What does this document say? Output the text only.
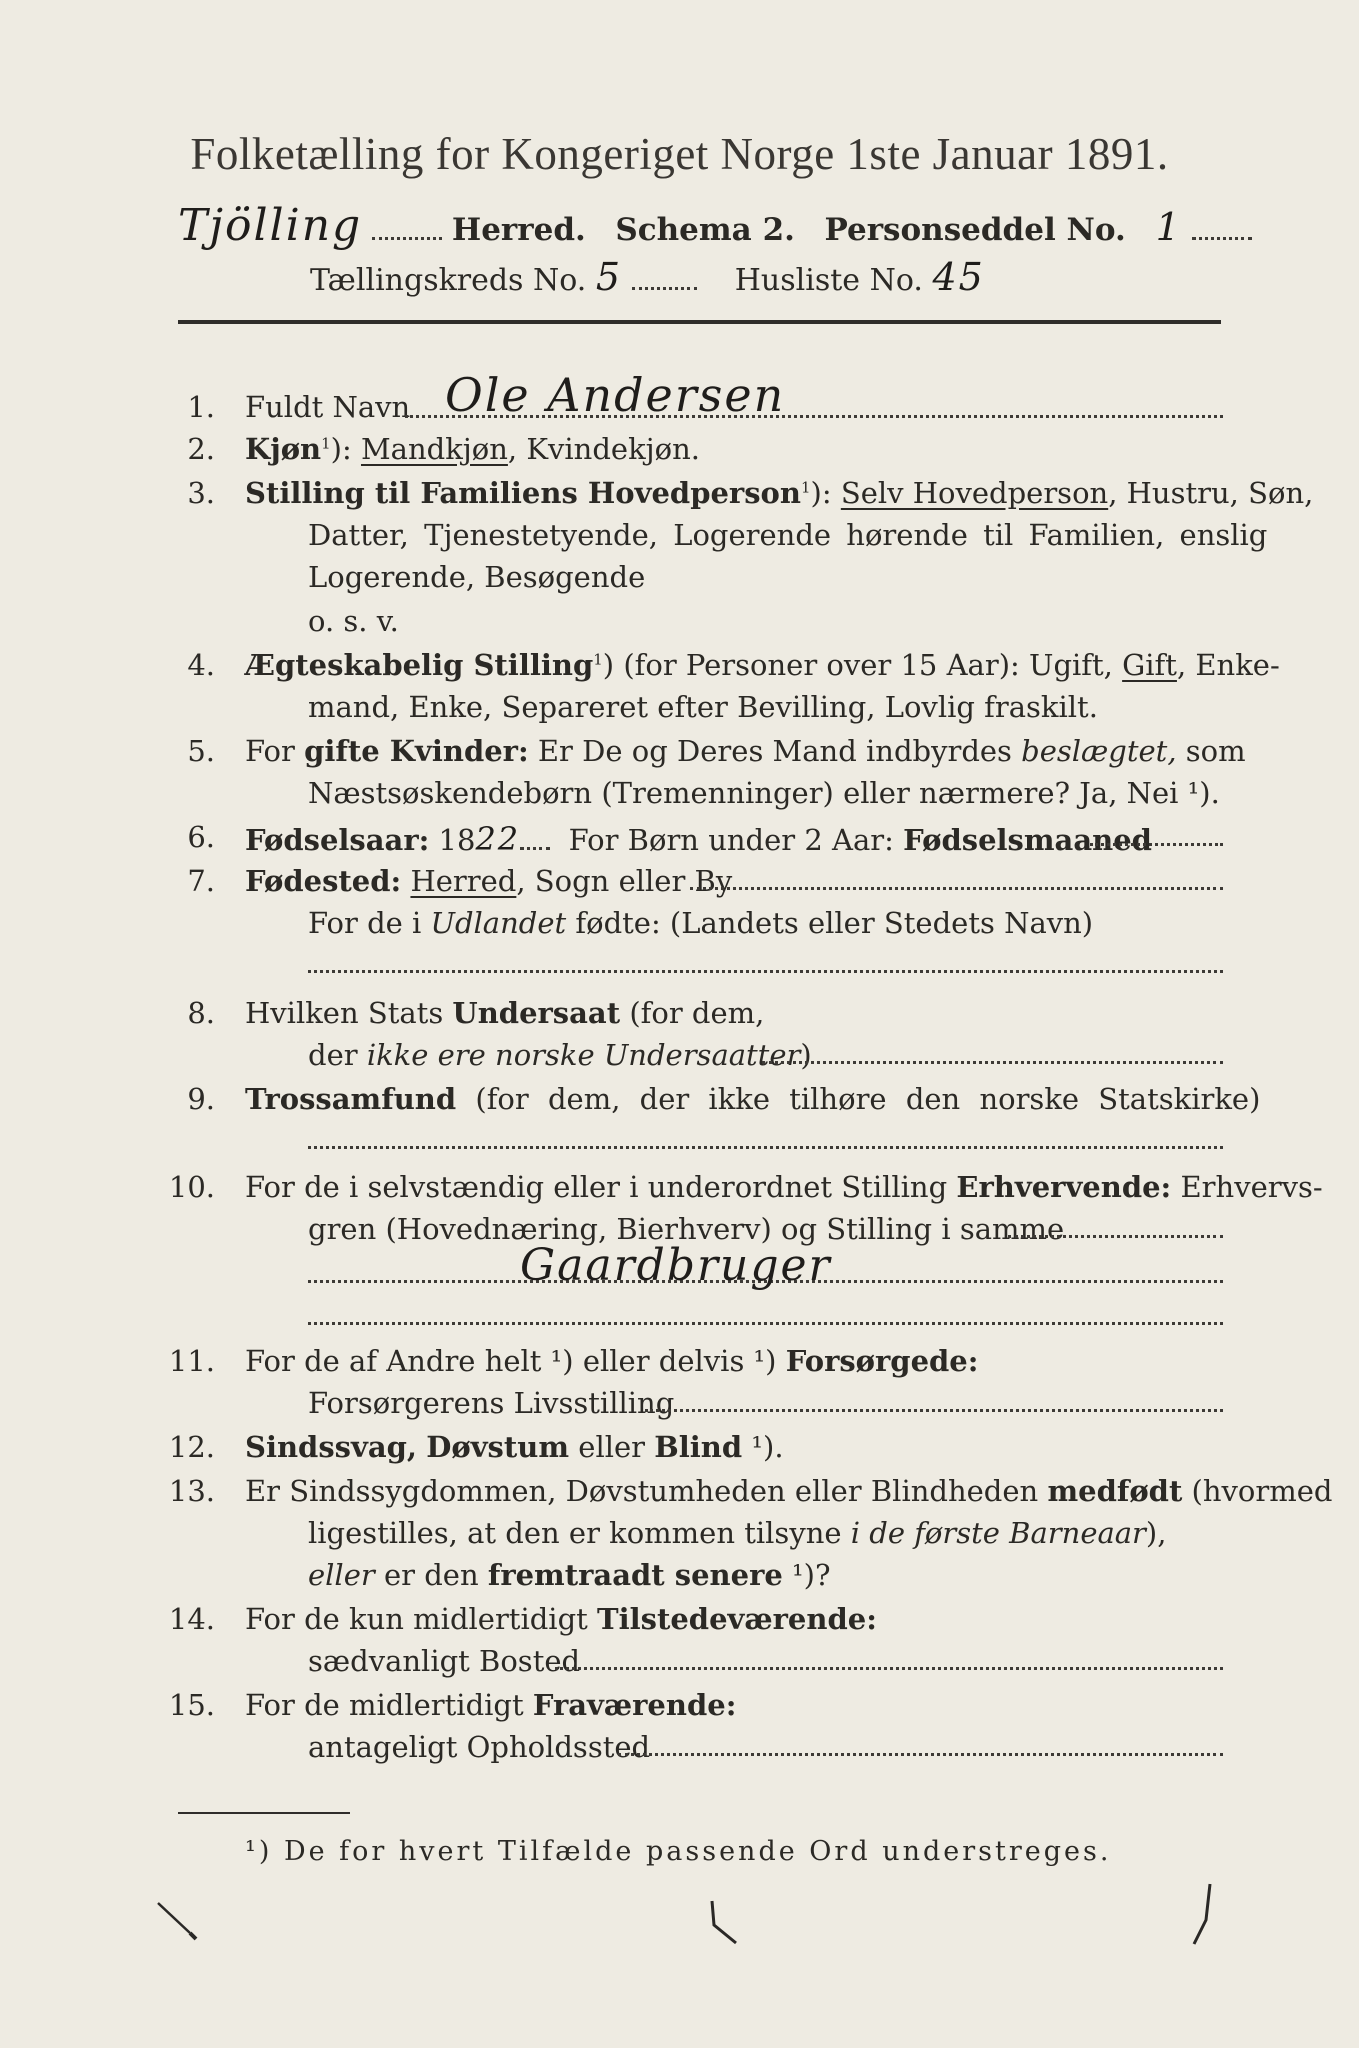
Folketælling for Kongeriget Norge 1ste Januar 1891.
Tjölling	Herred. Schema 2. Personseddel No. 1
Tællingskreds No. 5	Husliste No. 45
1. Fuldt Navn Ole Andersen
2. Kjøn$^1$): Mandkjøn, Kvindekjøn.
3. Stilling til Familiens Hovedperson$^1$): Selv Hovedperson, Hustru, Søn,
Datter, Tjenestetyende, Logerende hørende til Familien, enslig
Logerende, Besøgende
o. s. v.
4. Ægteskabelig Stilling$^1$) (for Personer over 15 Aar): Ugift, Gift, Enke-
mand, Enke, Separeret efter Bevilling, Lovlig fraskilt.
5. For gifte Kvinder: Er De og Deres Mand indbyrdes beslægtet, som
Næstsøskendebørn (Tremenninger) eller nærmere? Ja, Nei ¹).
6. Fødselsaar: 1822 For Børn under 2 Aar: Fødselsmaaned
7. Fødested: Herred, Sogn eller By
For de i Udlandet fødte: (Landets eller Stedets Navn)
8. Hvilken Stats Undersaat (for dem,
der ikke ere norske Undersaatter)
9. Trossamfund (for dem, der ikke tilhøre den norske Statskirke)
10. For de i selvstændig eller i underordnet Stilling Erhvervende: Erhvervs-
gren (Hovednæring, Bierhverv) og Stilling i samme
Gaardbruger
11. For de af Andre helt ¹) eller delvis ¹) Forsørgede:
Forsørgerens Livsstilling
12. Sindssvag, Døvstum eller Blind ¹).
13. Er Sindssygdommen, Døvstumheden eller Blindheden medfødt (hvormed
ligestilles, at den er kommen tilsyne i de første Barneaar),
eller er den fremtraadt senere ¹)?
14. For de kun midlertidigt Tilstedeværende:
sædvanligt Bosted
15. For de midlertidigt Fraværende:
antageligt Opholdssted
¹) De for hvert Tilfælde passende Ord understreges.
